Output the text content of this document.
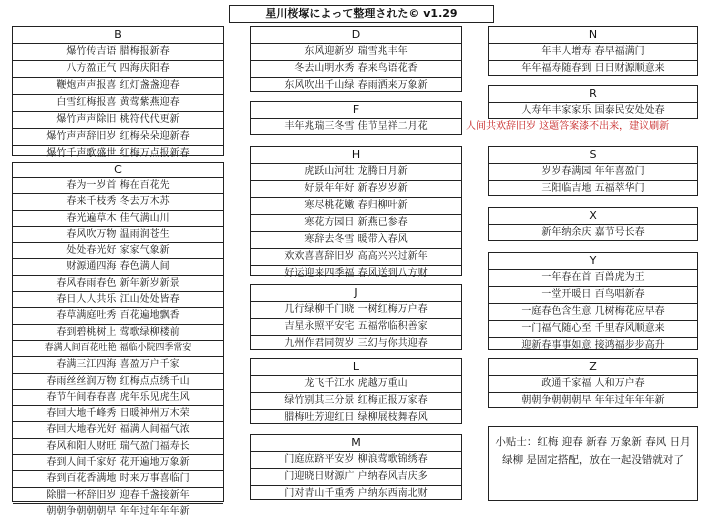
星川桜塚によって整理された© v1.29
B
爆竹传吉语 腊梅报新春
八方盈正气 四海庆阳春
鞭炮声声报喜 红灯盏盏迎春
白雪红梅报喜 黄莺紫燕迎春
爆竹声声除旧 桃符代代更新
爆竹声声辞旧岁 红梅朵朵迎新春
爆竹千声歌盛世 红梅万点报新春
C
春为一岁首 梅在百花先
春来千枝秀 冬去万木苏
春光遍草木 佳气满山川
春风吹万物 温雨润苍生
处处春光好 家家气象新
财源通四海 春色满人间
春风春雨春色 新年新岁新景
春日人人共乐 江山处处皆春
春草满庭吐秀 百花遍地飘香
春到碧桃树上 莺歌绿柳楼前
春满人间百花吐艳 福临小院四季常安
春满三江四海 喜盈万户千家
春雨丝丝润万物 红梅点点绣千山
春节午间春春喜 虎年乐见虎生风
春回大地千峰秀 日暖神州万木荣
春回大地春光好 福满人间福气浓
春风和阳人财旺 瑞气盈门福寿长
春到人间千家好 花开遍地万象新
春到百花香满地 时来万事喜临门
除腊一杯辞旧岁 迎春千盏接新年
朝朝争朝朝朝早 年年过年年年新
D
东风迎新岁 瑞雪兆丰年
冬去山明水秀 春来鸟语花香
东风吹出千山绿 春雨洒来万象新
F
丰年兆瑞三冬雪 佳节呈祥二月花
H
虎跃山河壮 龙腾日月新
好景年年好 新春岁岁新
寒尽桃花嫩 春归柳叶新
寒花方园日 新燕已参春
寒辞去冬雪 暖带入春风
欢欢喜喜辞旧岁 高高兴兴过新年
好运迎来四季福 春风送到八方财
J
几行绿柳千门晓 一树红梅万户春
吉星永照平安宅 五福常临积善家
九州作君同贺岁 三幻与你共迎春
L
龙飞千江水 虎越万重山
绿竹别其三分景 红梅正报万家春
腊梅吐芳迎红日 绿柳展枝舞春风
M
门庭庶跻平安岁 柳浪莺歌锦绣春
门迎晓日财源广 户纳春风吉庆多
门对青山千重秀 户纳东西南北财
N
年丰人增寿 春早福满门
年年福寿随春到 日日财源顺意来
R
人寿年丰家家乐 国泰民安处处春
人间共欢辞旧岁 这题答案漆不出来，建议刷新
S
岁岁春满园 年年喜盈门
三阳临吉地 五福萃华门
X
新年纳余庆 嘉节号长春
Y
一年春在首 百兽虎为王
一堂开暖日 百鸟唱新春
一庭春色含生意 几树梅花应早春
一门福气随心至 千里春风顺意来
迎新春事事如意 接鸿福步步高升
Z
政通千家福 人和万户春
朝朝争朝朝朝早 年年过年年年新
小贴士：红梅 迎春 新春 万象新 春风 日月 绿柳 是固定搭配，放在一起没错就对了
